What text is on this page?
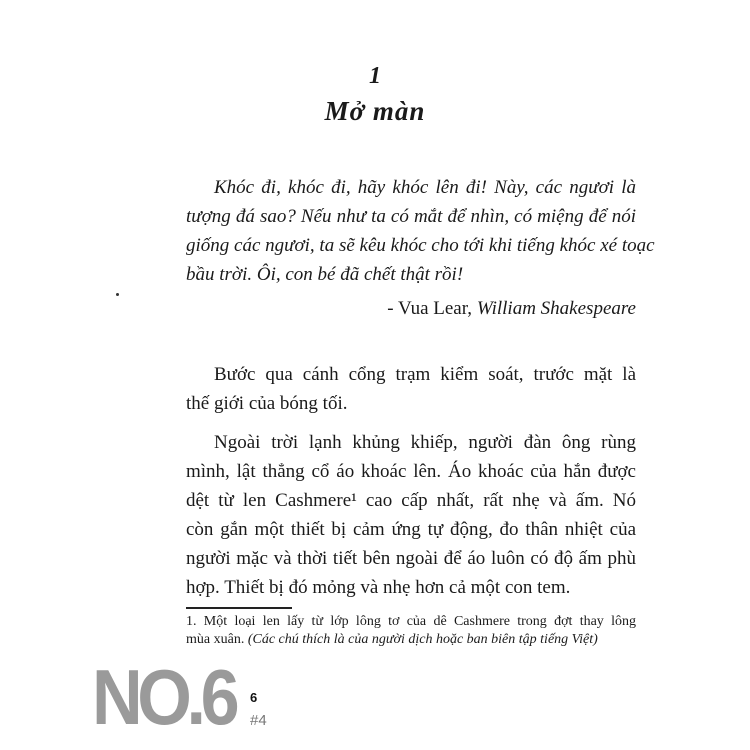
1
Mở màn
Khóc đi, khóc đi, hãy khóc lên đi! Này, các ngươi là
tượng đá sao? Nếu như ta có mắt để nhìn, có miệng để nói
giống các ngươi, ta sẽ kêu khóc cho tới khi tiếng khóc xé toạc
bầu trời. Ôi, con bé đã chết thật rồi!
- Vua Lear, William Shakespeare
Bước qua cánh cổng trạm kiểm soát, trước mặt là
thế giới của bóng tối.
Ngoài trời lạnh khủng khiếp, người đàn ông rùng
mình, lật thẳng cổ áo khoác lên. Áo khoác của hắn được
dệt từ len Cashmere¹ cao cấp nhất, rất nhẹ và ấm. Nó
còn gắn một thiết bị cảm ứng tự động, đo thân nhiệt của
người mặc và thời tiết bên ngoài để áo luôn có độ ấm phù
hợp. Thiết bị đó mỏng và nhẹ hơn cả một con tem.
1. Một loại len lấy từ lớp lông tơ của dê Cashmere trong đợt thay lông
mùa xuân. (Các chú thích là của người dịch hoặc ban biên tập tiếng Việt)
NO.6 6
#4
